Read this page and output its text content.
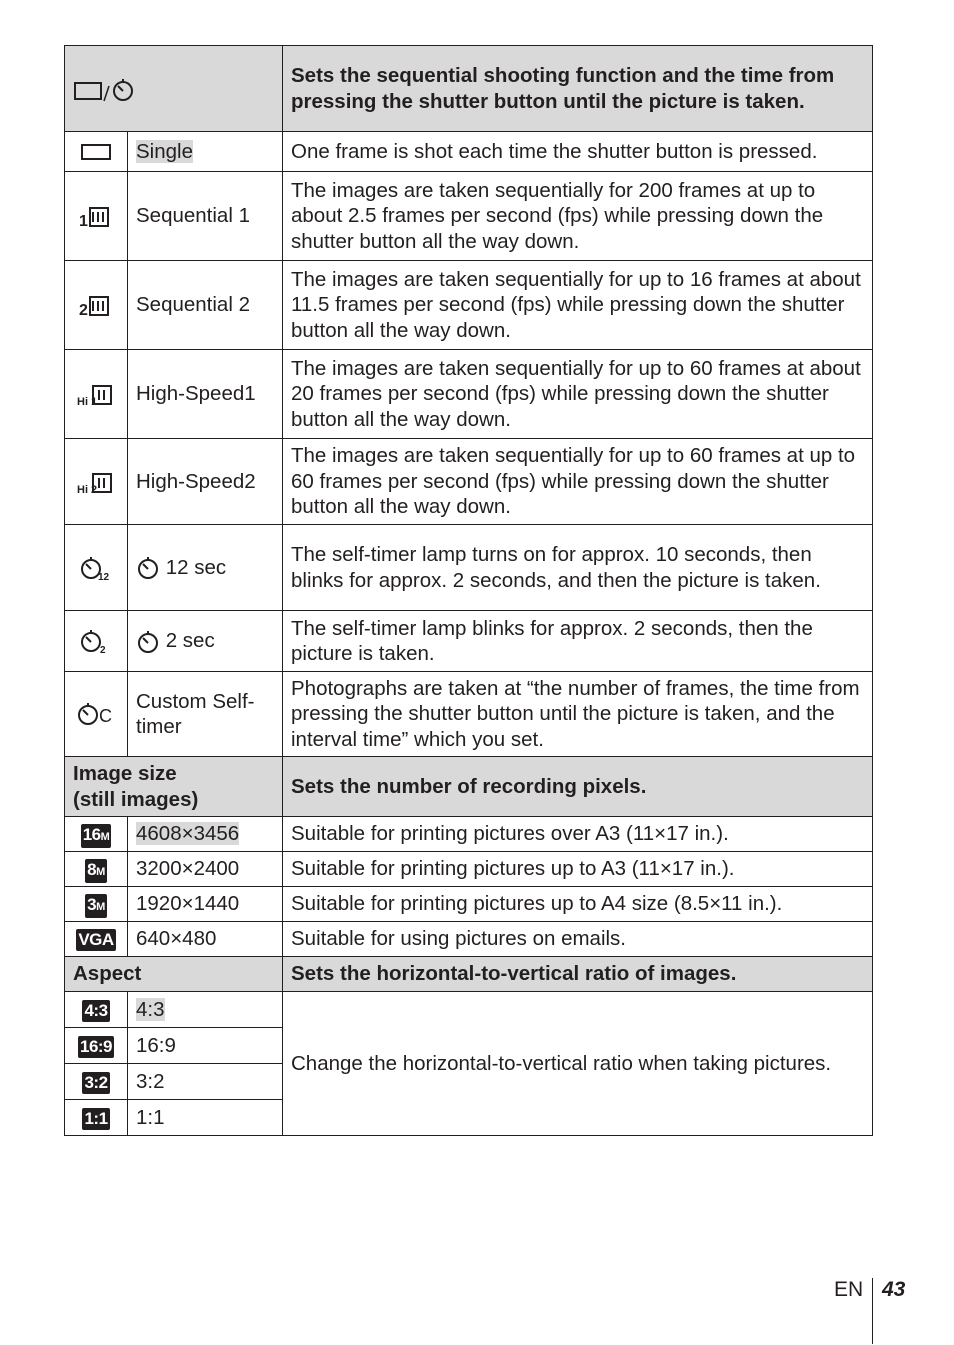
	Sets the sequential shooting function and the time from pressing the shutter button until the picture is taken.
	Single	One frame is shot each time the shutter button is pressed.

1	Sequential 1	The images are taken sequentially for 200 frames at up to about 2.5 frames per second (fps) while pressing down the shutter button all the way down.

2	Sequential 2	The images are taken sequentially for up to 16 frames at about 11.5 frames per second (fps) while pressing down the shutter button all the way down.

Hi 1	High-Speed1	The images are taken sequentially for up to 60 frames at about 20 frames per second (fps) while pressing down the shutter button all the way down.

Hi 2	High-Speed2	The images are taken sequentially for up to 60 frames at up to 60 frames per second (fps) while pressing down the shutter button all the way down.

12	12 sec	The self-timer lamp turns on for approx. 10 seconds, then blinks for approx. 2 seconds, and then the picture is taken.

2	2 sec	The self-timer lamp blinks for approx. 2 seconds, then the picture is taken.

C	Custom Self-timer	Photographs are taken at “the number of frames, the time from pressing the shutter button until the picture is taken, and the interval time” which you set.
Image size
(still images)		Sets the number of recording pixels.
16M	4608×3456	Suitable for printing pictures over A3 (11×17 in.).
8M	3200×2400	Suitable for printing pictures up to A3 (11×17 in.).
3M	1920×1440	Suitable for printing pictures up to A4 size (8.5×11 in.).
VGA	640×480	Suitable for using pictures on emails.
Aspect		Sets the horizontal-to-vertical ratio of images.
4:3	4:3	Change the horizontal-to-vertical ratio when taking pictures.
16:9	16:9	
3:2	3:2	
1:1	1:1	
EN 43
